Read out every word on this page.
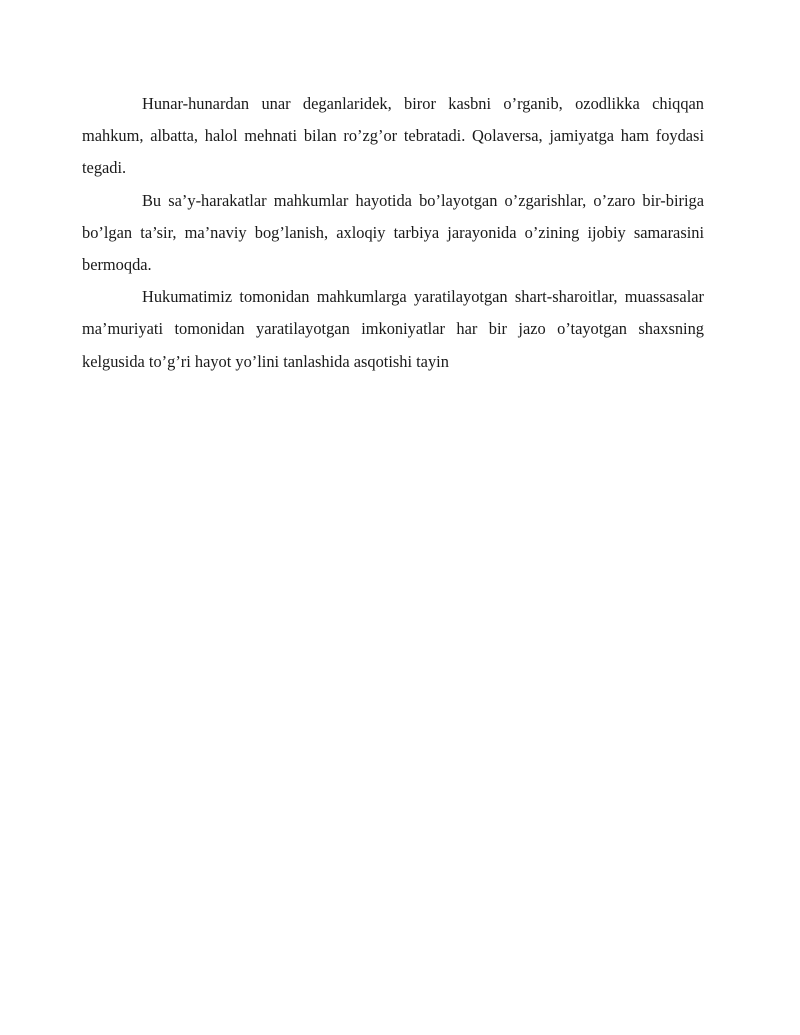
Hunar-hunardan unar deganlaridek, biror kasbni o’rganib, ozodlikka chiqqan mahkum, albatta, halol mehnati bilan ro’zg’or tebratadi. Qolaversa, jamiyatga ham foydasi tegadi.

Bu sa’y-harakatlar mahkumlar hayotida bo’layotgan o’zgarishlar, o’zaro bir-biriga bo’lgan ta’sir, ma’naviy bog’lanish, axloqiy tarbiya jarayonida o’zining ijobiy samarasini bermoqda.

Hukumatimiz tomonidan mahkumlarga yaratilayotgan shart-sharoitlar, muassasalar ma’muriyati tomonidan yaratilayotgan imkoniyatlar har bir jazo o’tayotgan shaxsning kelgusida to’g’ri hayot yo’lini tanlashida asqotishi tayin
